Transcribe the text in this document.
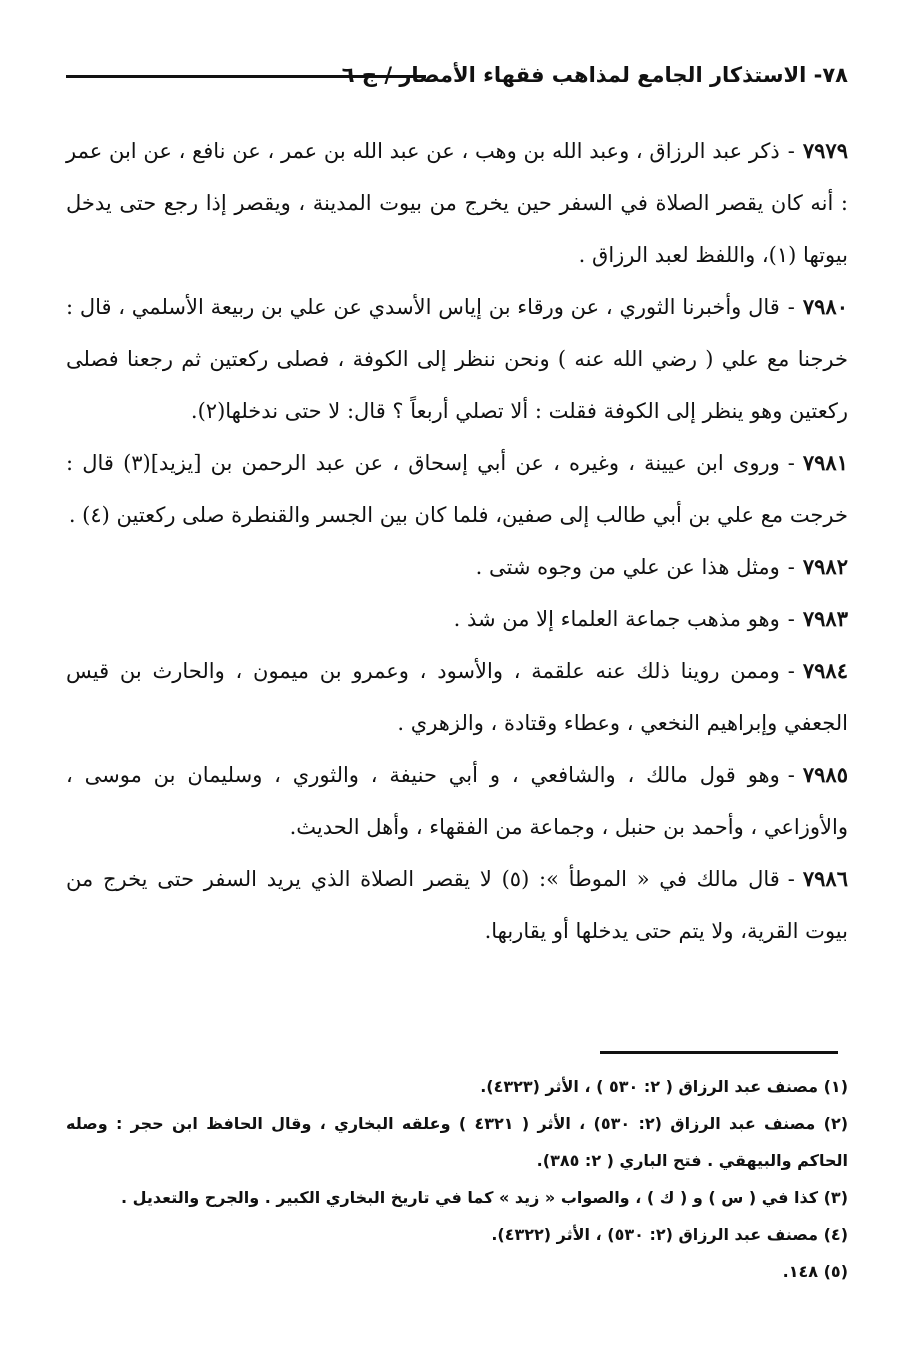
٧٨- الاستذكار الجامع لمذاهب فقهاء الأمصار / ج ٦

٧٩٧٩-ذكر عبد الرزاق ، وعبد الله بن وهب ، عن عبد الله بن عمر ، عن نافع ، عن ابن عمر : أنه كان يقصر الصلاة في السفر حين يخرج من بيوت المدينة ، ويقصر إذا رجع حتى يدخل بيوتها (١)، واللفظ لعبد الرزاق .

٧٩٨٠-قال وأخبرنا الثوري ، عن ورقاء بن إياس الأسدي عن علي بن ربيعة الأسلمي ، قال : خرجنا مع علي ( رضي الله عنه ) ونحن ننظر إلى الكوفة ، فصلى ركعتين ثم رجعنا فصلى ركعتين وهو ينظر إلى الكوفة فقلت : ألا تصلي أربعاً ؟ قال: لا حتى ندخلها(٢).

٧٩٨١-وروى ابن عيينة ، وغيره ، عن أبي إسحاق ، عن عبد الرحمن بن [يزيد](٣) قال : خرجت مع علي بن أبي طالب إلى صفين، فلما كان بين الجسر والقنطرة صلى ركعتين (٤) .

٧٩٨٢-ومثل هذا عن علي من وجوه شتى .

٧٩٨٣-وهو مذهب جماعة العلماء إلا من شذ .

٧٩٨٤-وممن روينا ذلك عنه علقمة ، والأسود ، وعمرو بن ميمون ، والحارث بن قيس الجعفي وإبراهيم النخعي ، وعطاء وقتادة ، والزهري .

٧٩٨٥-وهو قول مالك ، والشافعي ، و أبي حنيفة ، والثوري ، وسليمان بن موسى ، والأوزاعي ، وأحمد بن حنبل ، وجماعة من الفقهاء ، وأهل الحديث.

٧٩٨٦-قال مالك في « الموطأ »: (٥) لا يقصر الصلاة الذي يريد السفر حتى يخرج من بيوت القرية، ولا يتم حتى يدخلها أو يقاربها.

(١) مصنف عبد الرزاق ( ٢: ٥٣٠ ) ، الأثر (٤٣٢٣).

(٢) مصنف عبد الرزاق (٢: ٥٣٠) ، الأثر ( ٤٣٢١ ) وعلقه البخاري ، وقال الحافظ ابن حجر : وصله الحاكم والبيهقي . فتح الباري ( ٢: ٣٨٥).

(٣) كذا في ( س ) و ( ك ) ، والصواب « زيد » كما في تاريخ البخاري الكبير . والجرح والتعديل .

(٤) مصنف عبد الرزاق (٢: ٥٣٠) ، الأثر (٤٣٢٢).

(٥) ١٤٨.
